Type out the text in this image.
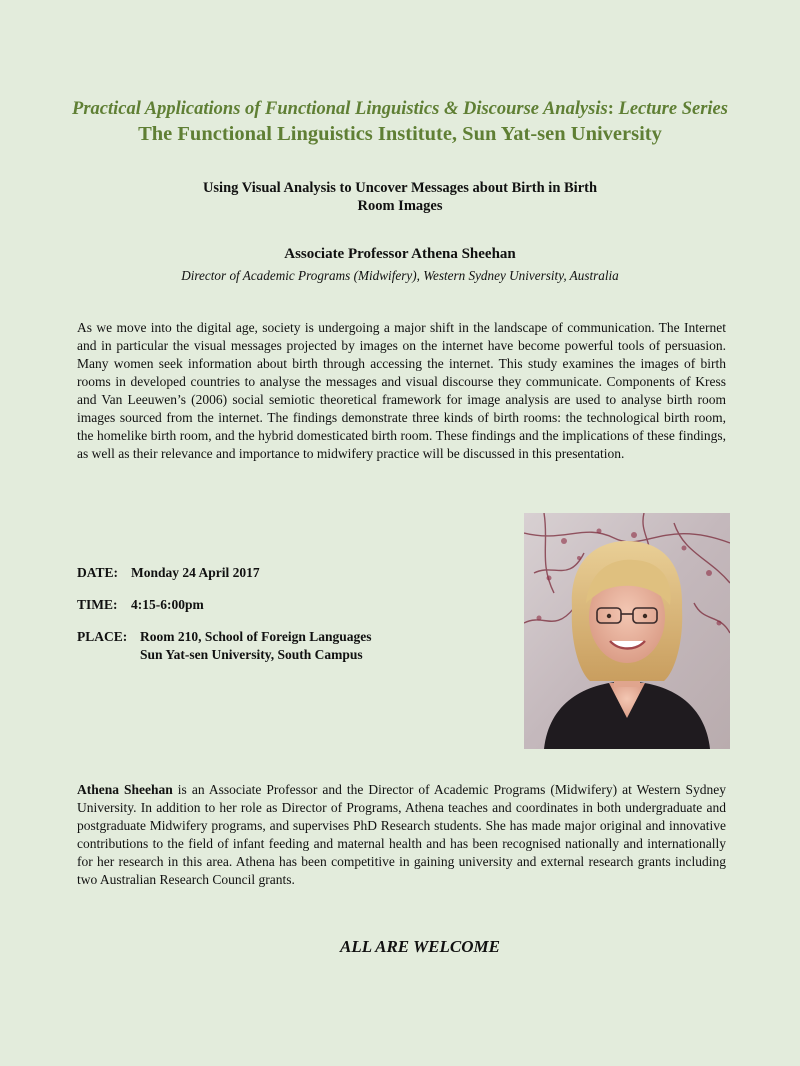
Practical Applications of Functional Linguistics & Discourse Analysis: Lecture Series
The Functional Linguistics Institute, Sun Yat-sen University
Using Visual Analysis to Uncover Messages about Birth in Birth Room Images
Associate Professor Athena Sheehan
Director of Academic Programs (Midwifery), Western Sydney University, Australia

As we move into the digital age, society is undergoing a major shift in the landscape of communication. The Internet and in particular the visual messages projected by images on the internet have become powerful tools of persuasion. Many women seek information about birth through accessing the internet. This study examines the images of birth rooms in developed countries to analyse the messages and visual discourse they communicate. Components of Kress and Van Leeuwen’s (2006) social semiotic theoretical framework for image analysis are used to analyse birth room images sourced from the internet. The findings demonstrate three kinds of birth rooms: the technological birth room, the homelike birth room, and the hybrid domesticated birth room. These findings and the implications of these findings, as well as their relevance and importance to midwifery practice will be discussed in this presentation.

DATE: Monday 24 April 2017
TIME: 4:15-6:00pm
PLACE: Room 210, School of Foreign Languages
Sun Yat-sen University, South Campus

Athena Sheehan is an Associate Professor and the Director of Academic Programs (Midwifery) at Western Sydney University. In addition to her role as Director of Programs, Athena teaches and coordinates in both undergraduate and postgraduate Midwifery programs, and supervises PhD Research students. She has made major original and innovative contributions to the field of infant feeding and maternal health and has been recognised nationally and internationally for her research in this area. Athena has been competitive in gaining university and external research grants including two Australian Research Council grants.

ALL ARE WELCOME
